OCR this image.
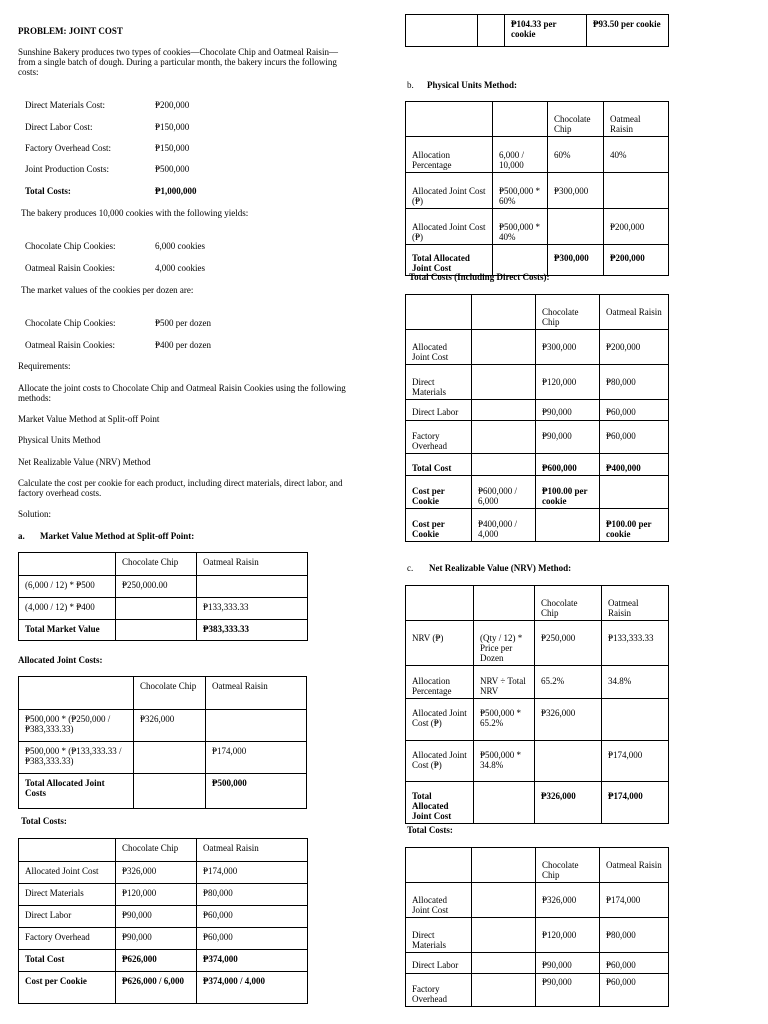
PROBLEM: JOINT COST
Sunshine Bakery produces two types of cookies—Chocolate Chip and Oatmeal Raisin—from a single batch of dough. During a particular month, the bakery incurs the following costs:
Direct Materials Cost:	₱200,000
Direct Labor Cost:	₱150,000
Factory Overhead Cost:	₱150,000
Joint Production Costs:	₱500,000
Total Costs:	₱1,000,000
The bakery produces 10,000 cookies with the following yields:
Chocolate Chip Cookies:	6,000 cookies
Oatmeal Raisin Cookies:	4,000 cookies
The market values of the cookies per dozen are:
Chocolate Chip Cookies:	₱500 per dozen
Oatmeal Raisin Cookies:	₱400 per dozen
Requirements:
Allocate the joint costs to Chocolate Chip and Oatmeal Raisin Cookies using the following methods:
Market Value Method at Split-off Point
Physical Units Method
Net Realizable Value (NRV) Method
Calculate the cost per cookie for each product, including direct materials, direct labor, and factory overhead costs.
Solution:
a. Market Value Method at Split-off Point:
	Chocolate Chip	Oatmeal Raisin
(6,000 / 12) * ₱500	₱250,000.00	
(4,000 / 12) * ₱400		₱133,333.33
Total Market Value		₱383,333.33
Allocated Joint Costs:
	Chocolate Chip	Oatmeal Raisin
₱500,000 * (₱250,000 / ₱383,333.33)	₱326,000	
₱500,000 * (₱133,333.33 / ₱383,333.33)		₱174,000
Total Allocated Joint Costs		₱500,000
Total Costs:
	Chocolate Chip	Oatmeal Raisin
Allocated Joint Cost	₱326,000	₱174,000
Direct Materials	₱120,000	₱80,000
Direct Labor	₱90,000	₱60,000
Factory Overhead	₱90,000	₱60,000
Total Cost	₱626,000	₱374,000
Cost per Cookie	₱626,000 / 6,000	₱374,000 / 4,000
		₱104.33 per cookie	₱93.50 per cookie
b. Physical Units Method:
		Chocolate Chip	Oatmeal Raisin
Allocation Percentage	6,000 / 10,000	60%	40%
Allocated Joint Cost (₱)	₱500,000 * 60%	₱300,000	
Allocated Joint Cost (₱)	₱500,000 * 40%		₱200,000
Total Allocated Joint Cost		₱300,000	₱200,000
Total Costs (Including Direct Costs):
		Chocolate Chip	Oatmeal Raisin
Allocated Joint Cost		₱300,000	₱200,000
Direct Materials		₱120,000	₱80,000
Direct Labor		₱90,000	₱60,000
Factory Overhead		₱90,000	₱60,000
Total Cost		₱600,000	₱400,000
Cost per Cookie	₱600,000 / 6,000	₱100.00 per cookie	
Cost per Cookie	₱400,000 / 4,000		₱100.00 per cookie
c. Net Realizable Value (NRV) Method:
		Chocolate Chip	Oatmeal Raisin
NRV (₱)	(Qty / 12) * Price per Dozen	₱250,000	₱133,333.33
Allocation Percentage	NRV ÷ Total NRV	65.2%	34.8%
Allocated Joint Cost (₱)	₱500,000 * 65.2%	₱326,000	
Allocated Joint Cost (₱)	₱500,000 * 34.8%		₱174,000
Total Allocated Joint Cost		₱326,000	₱174,000
Total Costs:
		Chocolate Chip	Oatmeal Raisin
Allocated Joint Cost		₱326,000	₱174,000
Direct Materials		₱120,000	₱80,000
Direct Labor		₱90,000	₱60,000
Factory Overhead		₱90,000	₱60,000
